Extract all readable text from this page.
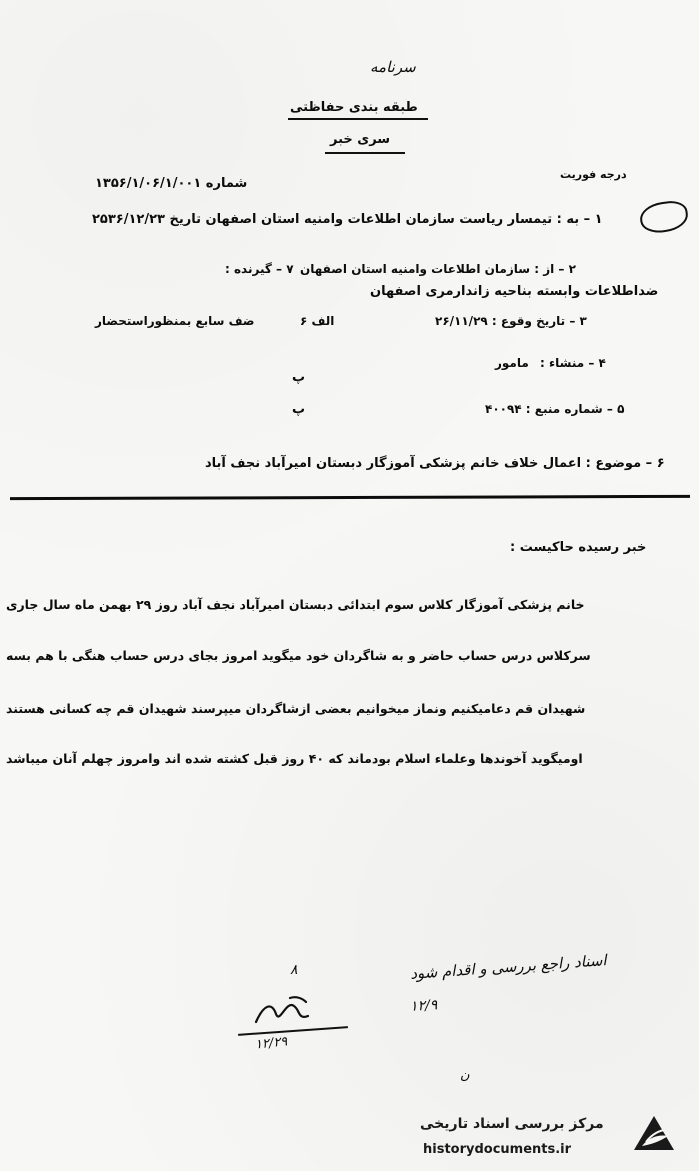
سرنامه
طبقه بندی حفاظتی
سری خبر
درجه فوریت
شماره ۱۳۵۶/۱/۰۶/۱/۰۰۱
۱ – به : تیمسار ریاست سازمان اطلاعات وامنیه استان اصفهان تاریخ ۲۵۳۶/۱۲/۲۳
۲ – از : سازمان اطلاعات وامنیه استان اصفهان
۷ – گیرنده :
ضداطلاعات وابسته بناحیه زاندارمری اصفهان
۳ – تاریخ وقوع : ۲۶/۱۱/۲۹
الف ۶
ضف سابع بمنظوراستحضار
۴ – منشاء :
مامور
پ
۵ – شماره منبع : ۴۰۰۹۴
پ
۶ – موضوع : اعمال خلاف خانم پزشکی آموزگار دبستان امیرآباد نجف آباد
خبر رسیده حاکیست :
خانم پزشکی آموزگار کلاس سوم ابتدائی دبستان امیرآباد نجف آباد روز ۲۹ بهمن ماه سال جاری
سرکلاس درس حساب حاضر و به شاگردان خود میگوید امروز بجای درس حساب هنگی با هم بسه
شهیدان قم دعامیکنیم ونماز میخوانیم بعضی ازشاگردان میپرسند شهیدان قم چه کسانی هستند
اومیگوید آخوندها وعلماء اسلام بودماند که ۴۰ روز قبل کشته شده اند وامروز چهلم آنان میباشد
۸	اسناد راجع بررسی و اقدام شود
۱۲/۹
۱۲/۲۹
ن
مرکز بررسی اسناد تاریخی
historydocuments.ir
